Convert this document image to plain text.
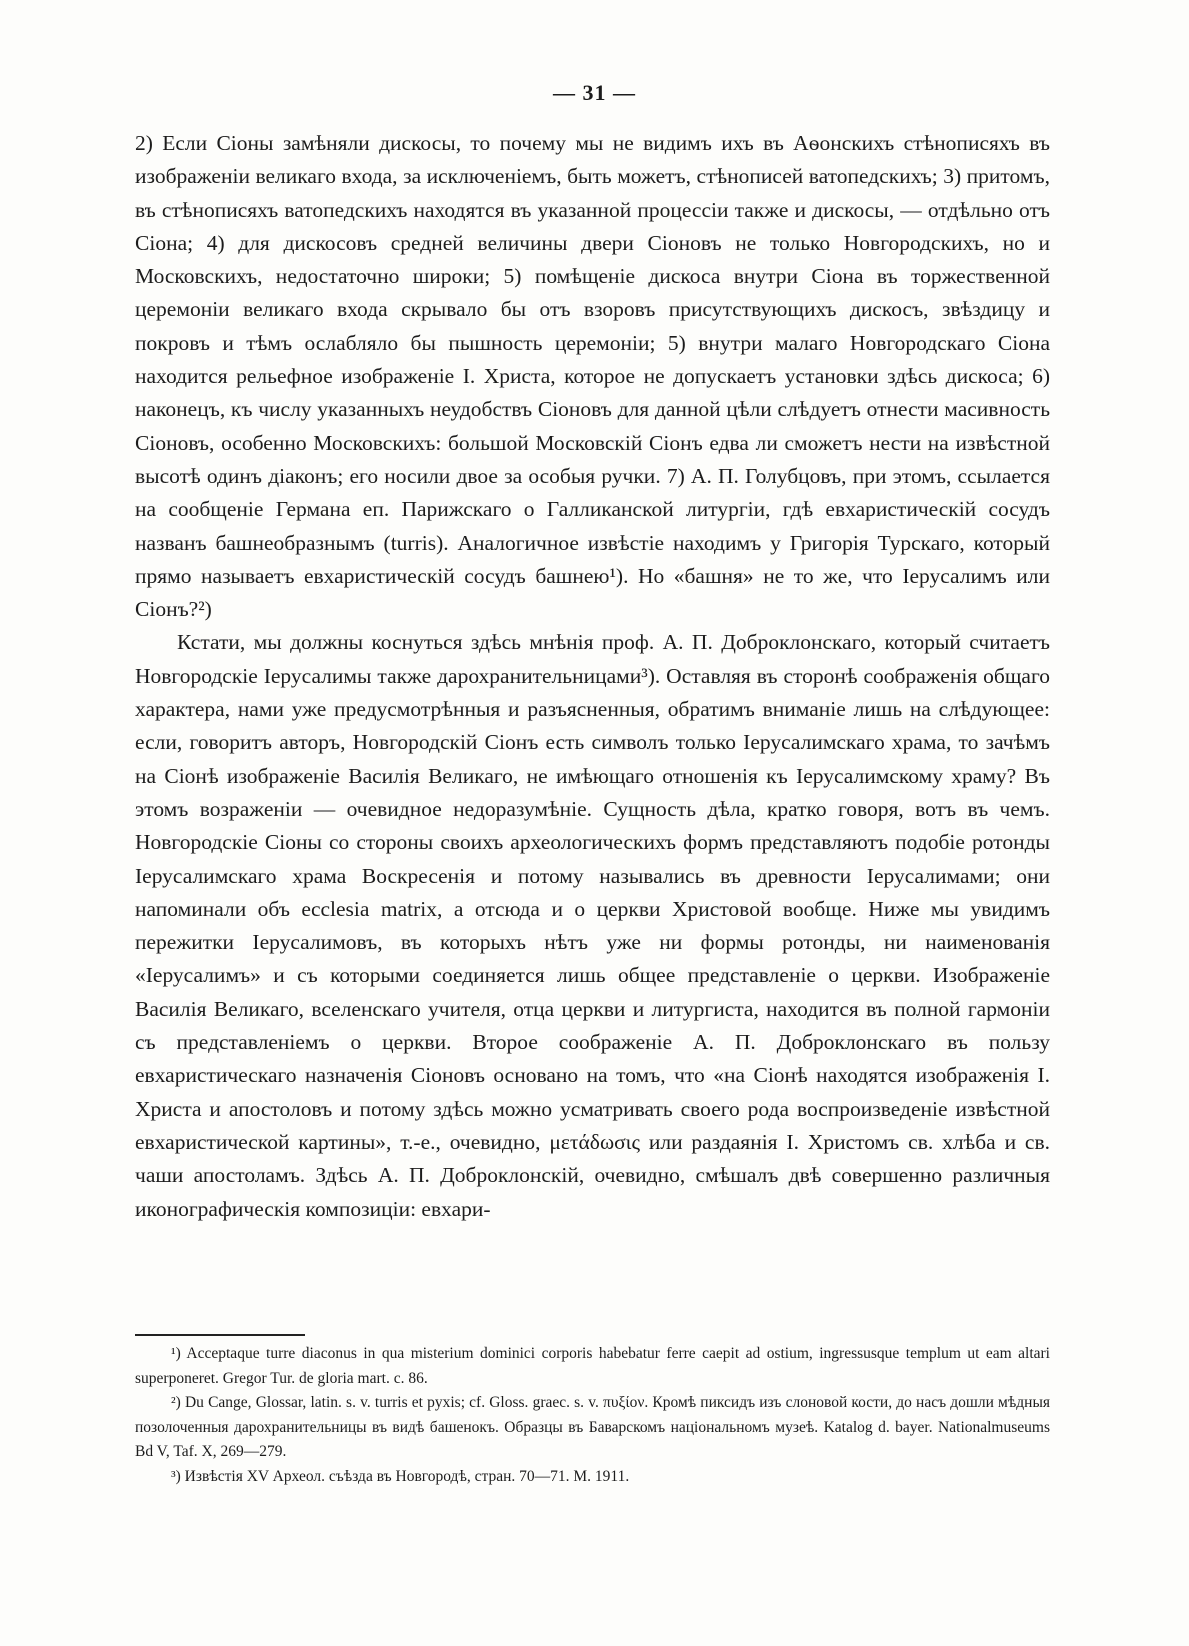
— 31 —

2) Если Сіоны замѣняли дискосы, то почему мы не видимъ ихъ въ Аѳонскихъ стѣнописяхъ въ изображеніи великаго входа, за исключеніемъ, быть можетъ, стѣнописей ватопедскихъ; 3) притомъ, въ стѣнописяхъ ватопедскихъ находятся въ указанной процессіи также и дискосы, — отдѣльно отъ Сіона; 4) для дискосовъ средней величины двери Сіоновъ не только Новгородскихъ, но и Московскихъ, недостаточно широки; 5) помѣщеніе дискоса внутри Сіона въ торжественной церемоніи великаго входа скрывало бы отъ взоровъ присутствующихъ дискосъ, звѣздицу и покровъ и тѣмъ ослабляло бы пышность церемоніи; 5) внутри малаго Новгородскаго Сіона находится рельефное изображеніе І. Христа, которое не допускаетъ установки здѣсь дискоса; 6) наконецъ, къ числу указанныхъ неудобствъ Сіоновъ для данной цѣли слѣдуетъ отнести масивность Сіоновъ, особенно Московскихъ: большой Московскій Сіонъ едва ли сможетъ нести на извѣстной высотѣ одинъ діаконъ; его носили двое за особыя ручки. 7) А. П. Голубцовъ, при этомъ, ссылается на сообщеніе Германа еп. Парижскаго о Галликанской литургіи, гдѣ евхаристическій сосудъ названъ башнеобразнымъ (turris). Аналогичное извѣстіе находимъ у Григорія Турскаго, который прямо называетъ евхаристическій сосудъ башнею¹). Но «башня» не то же, что Іерусалимъ или Сіонъ?²)

Кстати, мы должны коснуться здѣсь мнѣнія проф. А. П. Доброклонскаго, который считаетъ Новгородскіе Іерусалимы также дарохранительницами³). Оставляя въ сторонѣ соображенія общаго характера, нами уже предусмотрѣнныя и разъясненныя, обратимъ вниманіе лишь на слѣдующее: если, говоритъ авторъ, Новгородскій Сіонъ есть символъ только Іерусалимскаго храма, то зачѣмъ на Сіонѣ изображеніе Василія Великаго, не имѣющаго отношенія къ Іерусалимскому храму? Въ этомъ возраженіи — очевидное недоразумѣніе. Сущность дѣла, кратко говоря, вотъ въ чемъ. Новгородскіе Сіоны со стороны своихъ археологическихъ формъ представляютъ подобіе ротонды Іерусалимскаго храма Воскресенія и потому назывались въ древности Іерусалимами; они напоминали объ ecclesia matrix, а отсюда и о церкви Христовой вообще. Ниже мы увидимъ пережитки Іерусалимовъ, въ которыхъ нѣтъ уже ни формы ротонды, ни наименованія «Іерусалимъ» и съ которыми соединяется лишь общее представленіе о церкви. Изображеніе Василія Великаго, вселенскаго учителя, отца церкви и литургиста, находится въ полной гармоніи съ представленіемъ о церкви. Второе соображеніе А. П. Доброклонскаго въ пользу евхаристическаго назначенія Сіоновъ основано на томъ, что «на Сіонѣ находятся изображенія І. Христа и апостоловъ и потому здѣсь можно усматривать своего рода воспроизведеніе извѣстной евхаристической картины», т.-е., очевидно, μετάδωσις или раздаянія І. Христомъ св. хлѣба и св. чаши апостоламъ. Здѣсь А. П. Доброклонскій, очевидно, смѣшалъ двѣ совершенно различныя иконографическія композиціи: евхари-

¹) Acceptaque turre diaconus in qua misterium dominici corporis habebatur ferre caepit ad ostium, ingressusque templum ut eam altari superponeret. Gregor Tur. de gloria mart. c. 86.

²) Du Cange, Glossar, latin. s. v. turris et pyxis; cf. Gloss. graec. s. v. πυξίον. Кромѣ пиксидъ изъ слоновой кости, до насъ дошли мѣдныя позолоченныя дарохранительницы въ видѣ башенокъ. Образцы въ Баварскомъ національномъ музеѣ. Katalog d. bayer. Nationalmuseums Bd V, Taf. X, 269—279.

³) Извѣстія XV Археол. съѣзда въ Новгородѣ, стран. 70—71. M. 1911.
